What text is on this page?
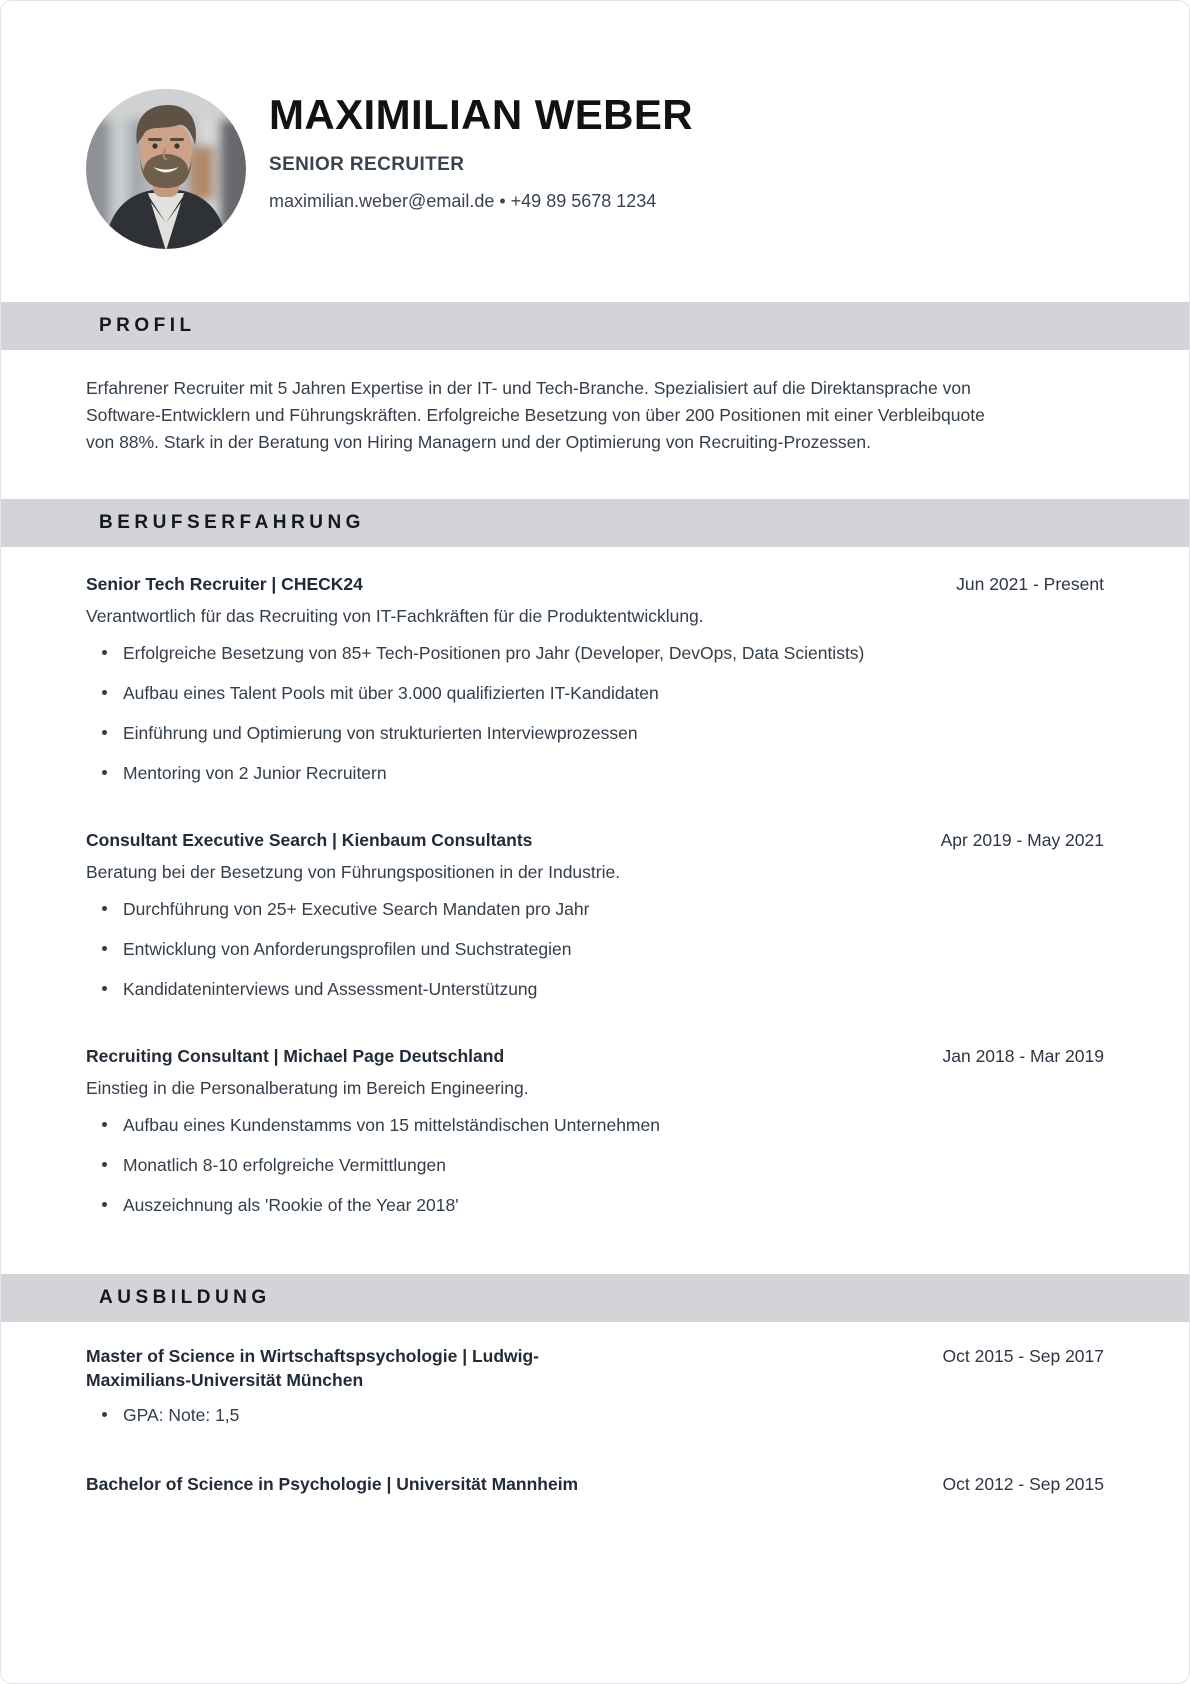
MAXIMILIAN WEBER
SENIOR RECRUITER
maximilian.weber@email.de • +49 89 5678 1234
PROFIL

Erfahrener Recruiter mit 5 Jahren Expertise in der IT- und Tech-Branche. Spezialisiert auf die Direktansprache von Software-Entwicklern und Führungskräften. Erfolgreiche Besetzung von über 200 Positionen mit einer Verbleibquote von 88%. Stark in der Beratung von Hiring Managern und der Optimierung von Recruiting-Prozessen.

BERUFSERFAHRUNG
Senior Tech Recruiter | CHECK24	Jun 2021 - Present

Verantwortlich für das Recruiting von IT-Fachkräften für die Produktentwicklung.

Erfolgreiche Besetzung von 85+ Tech-Positionen pro Jahr (Developer, DevOps, Data Scientists)
Aufbau eines Talent Pools mit über 3.000 qualifizierten IT-Kandidaten
Einführung und Optimierung von strukturierten Interviewprozessen
Mentoring von 2 Junior Recruitern
Consultant Executive Search | Kienbaum Consultants	Apr 2019 - May 2021

Beratung bei der Besetzung von Führungspositionen in der Industrie.

Durchführung von 25+ Executive Search Mandaten pro Jahr
Entwicklung von Anforderungsprofilen und Suchstrategien
Kandidateninterviews und Assessment-Unterstützung
Recruiting Consultant | Michael Page Deutschland	Jan 2018 - Mar 2019

Einstieg in die Personalberatung im Bereich Engineering.

Aufbau eines Kundenstamms von 15 mittelständischen Unternehmen
Monatlich 8-10 erfolgreiche Vermittlungen
Auszeichnung als 'Rookie of the Year 2018'
AUSBILDUNG
Master of Science in Wirtschaftspsychologie | Ludwig-Maximilians-Universität München
Oct 2015 - Sep 2017
GPA: Note: 1,5
Bachelor of Science in Psychologie | Universität Mannheim	Oct 2012 - Sep 2015
